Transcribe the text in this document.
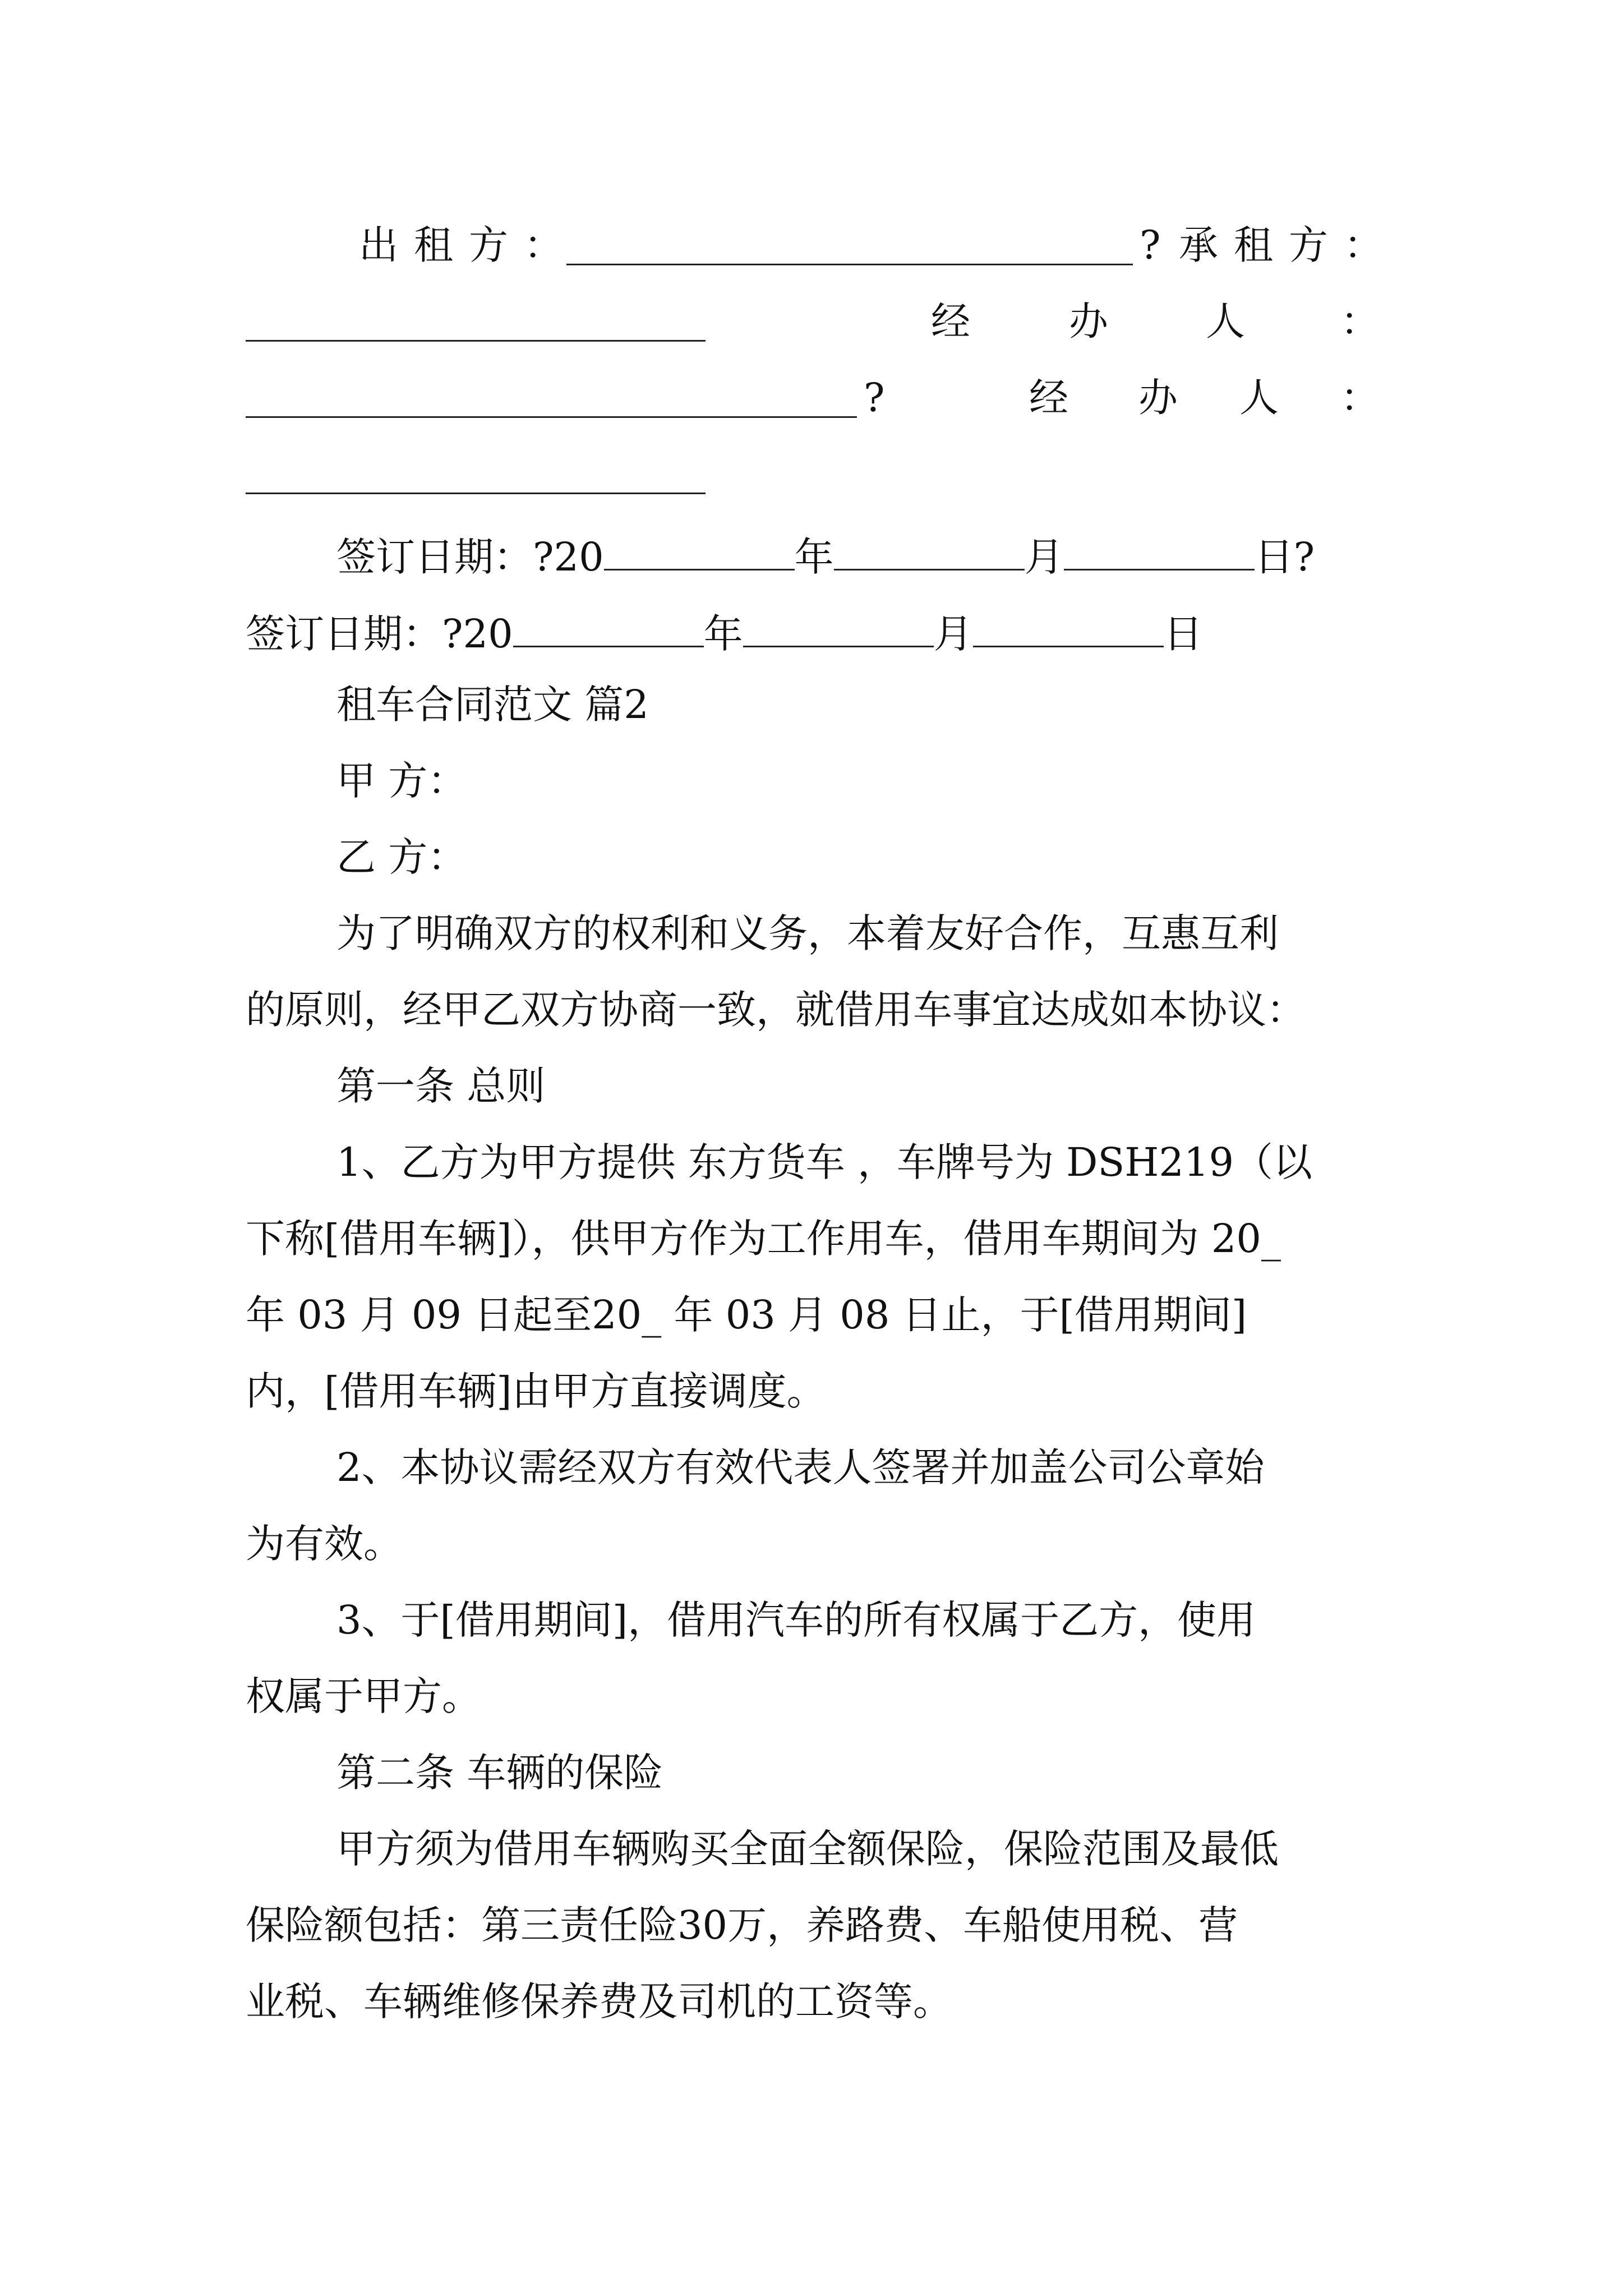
出租方：	? 承租方：
经	办 人 ：
?	经 办 人 ：
签订日期：?20	年	月	日?
签订日期：?20	年	月	日
租车合同范文 篇2
甲 方：
乙 方：
为了明确双方的权利和义务，本着友好合作，互惠互利
的原则，经甲乙双方协商一致，就借用车事宜达成如本协议：
第一条 总则
1、乙方为甲方提供 东方货车 ，车牌号为 DSH219（以
下称[借用车辆]），供甲方作为工作用车，借用车期间为 20_
年 03 月 09 日起至20_ 年 03 月 08 日止，于[借用期间]
内，[借用车辆]由甲方直接调度。
2、本协议需经双方有效代表人签署并加盖公司公章始
为有效。
3、于[借用期间]，借用汽车的所有权属于乙方，使用
权属于甲方。
第二条 车辆的保险
甲方须为借用车辆购买全面全额保险，保险范围及最低
保险额包括：第三责任险30万，养路费、车船使用税、营
业税、车辆维修保养费及司机的工资等。
